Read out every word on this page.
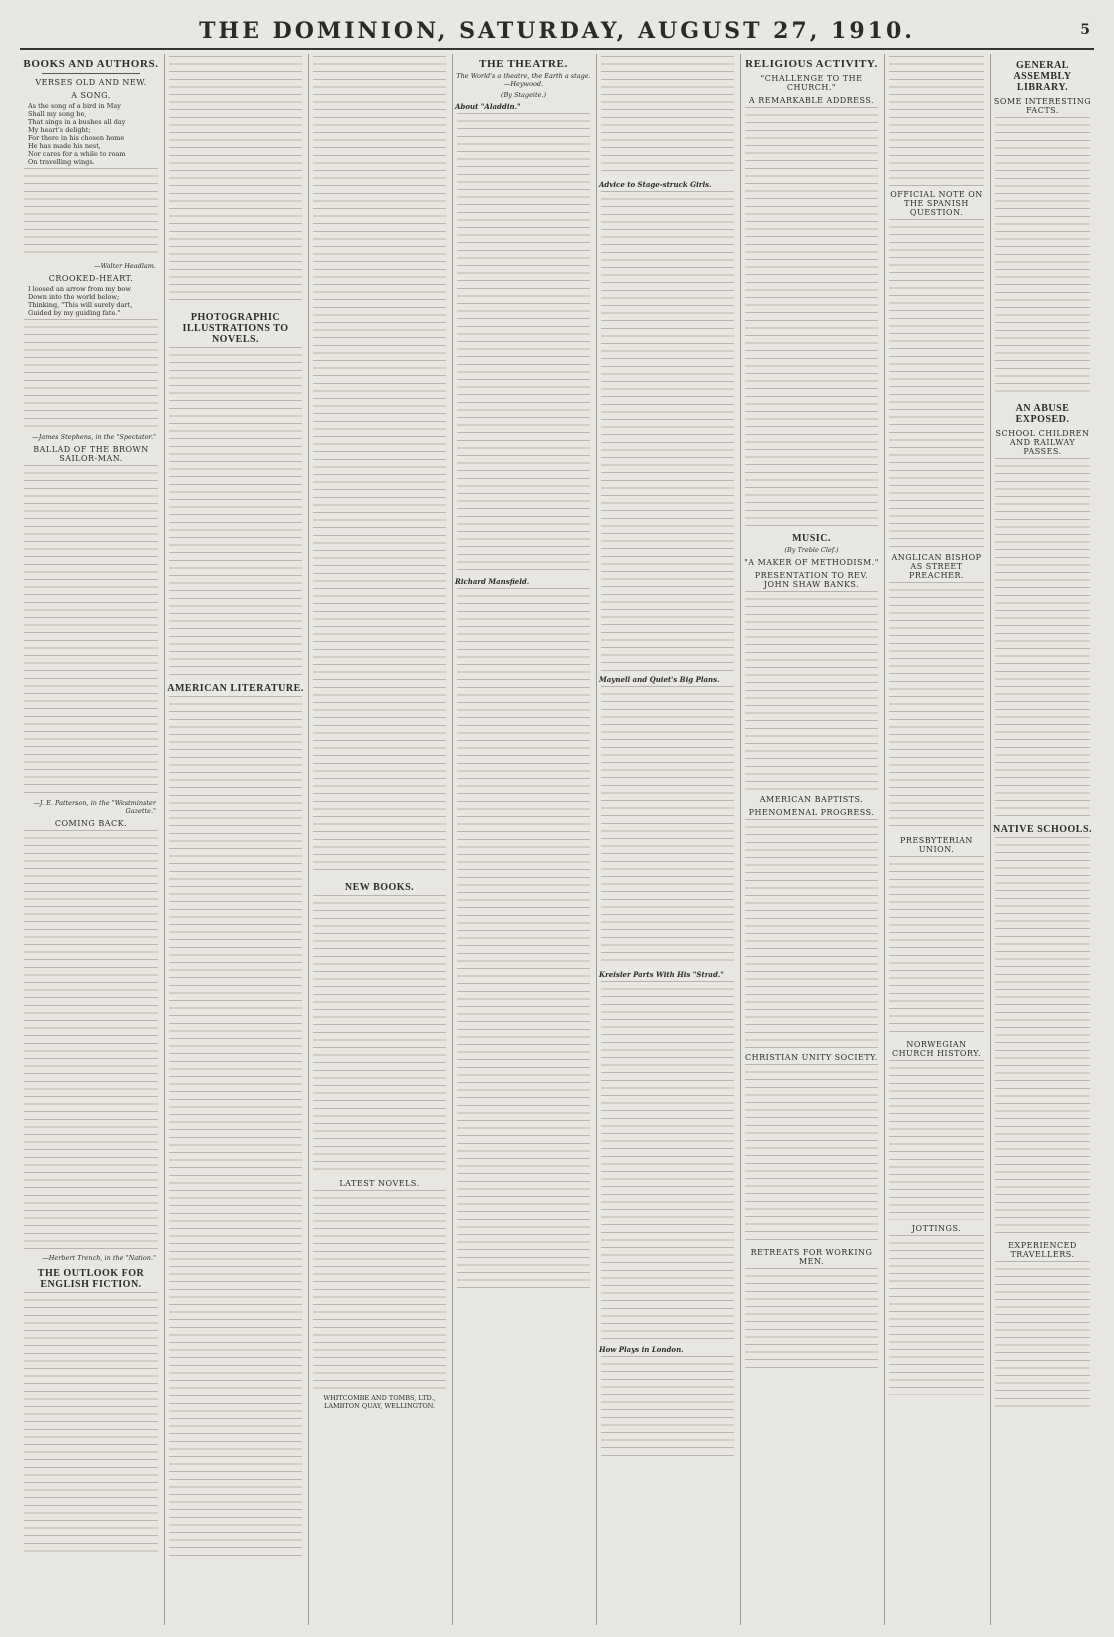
THE DOMINION, SATURDAY, AUGUST 27, 1910.	5
BOOKS AND AUTHORS.
VERSES OLD AND NEW.
A SONG.
As the song of a bird in May
Shall my song be,
That sings in a bushes all day
My heart's delight;
For there in his chosen home
He has made his nest,
Nor cares for a while to roam
On travelling wings.
—Walter Headlam.
CROOKED-HEART.
I loosed an arrow from my bow
Down into the world below;
Thinking, "This will surely dart,
Guided by my guiding fate."
—James Stephens, in the "Spectator."
BALLAD OF THE BROWN SAILOR-MAN.
—J. E. Patterson, in the "Westminster Gazette."
COMING BACK.
—Herbert Trench, in the "Nation."
THE OUTLOOK FOR ENGLISH FICTION.
PHOTOGRAPHIC ILLUSTRATIONS TO NOVELS.
AMERICAN LITERATURE.
NEW BOOKS.
LATEST NOVELS.
WHITCOMBE AND TOMBS, LTD., LAMBTON QUAY, WELLINGTON.
THE THEATRE.
The World's a theatre, the Earth a stage.—Heywood.
(By Stageite.)
About "Aladdin."
Richard Mansfield.
Advice to Stage-struck Girls.
Maynell and Quiet's Big Plans.
Kreisler Parts With His "Strad."
How Plays in London.
RELIGIOUS ACTIVITY.
"CHALLENGE TO THE CHURCH."
A REMARKABLE ADDRESS.
MUSIC.
(By Treble Clef.)
"A MAKER OF METHODISM."
PRESENTATION TO REV. JOHN SHAW BANKS.
AMERICAN BAPTISTS.
PHENOMENAL PROGRESS.
CHRISTIAN UNITY SOCIETY.
RETREATS FOR WORKING MEN.
OFFICIAL NOTE ON THE SPANISH QUESTION.
ANGLICAN BISHOP AS STREET PREACHER.
PRESBYTERIAN UNION.
NORWEGIAN CHURCH HISTORY.
JOTTINGS.
GENERAL ASSEMBLY LIBRARY.
SOME INTERESTING FACTS.
AN ABUSE EXPOSED.
SCHOOL CHILDREN AND RAILWAY PASSES.
NATIVE SCHOOLS.
EXPERIENCED TRAVELLERS.
